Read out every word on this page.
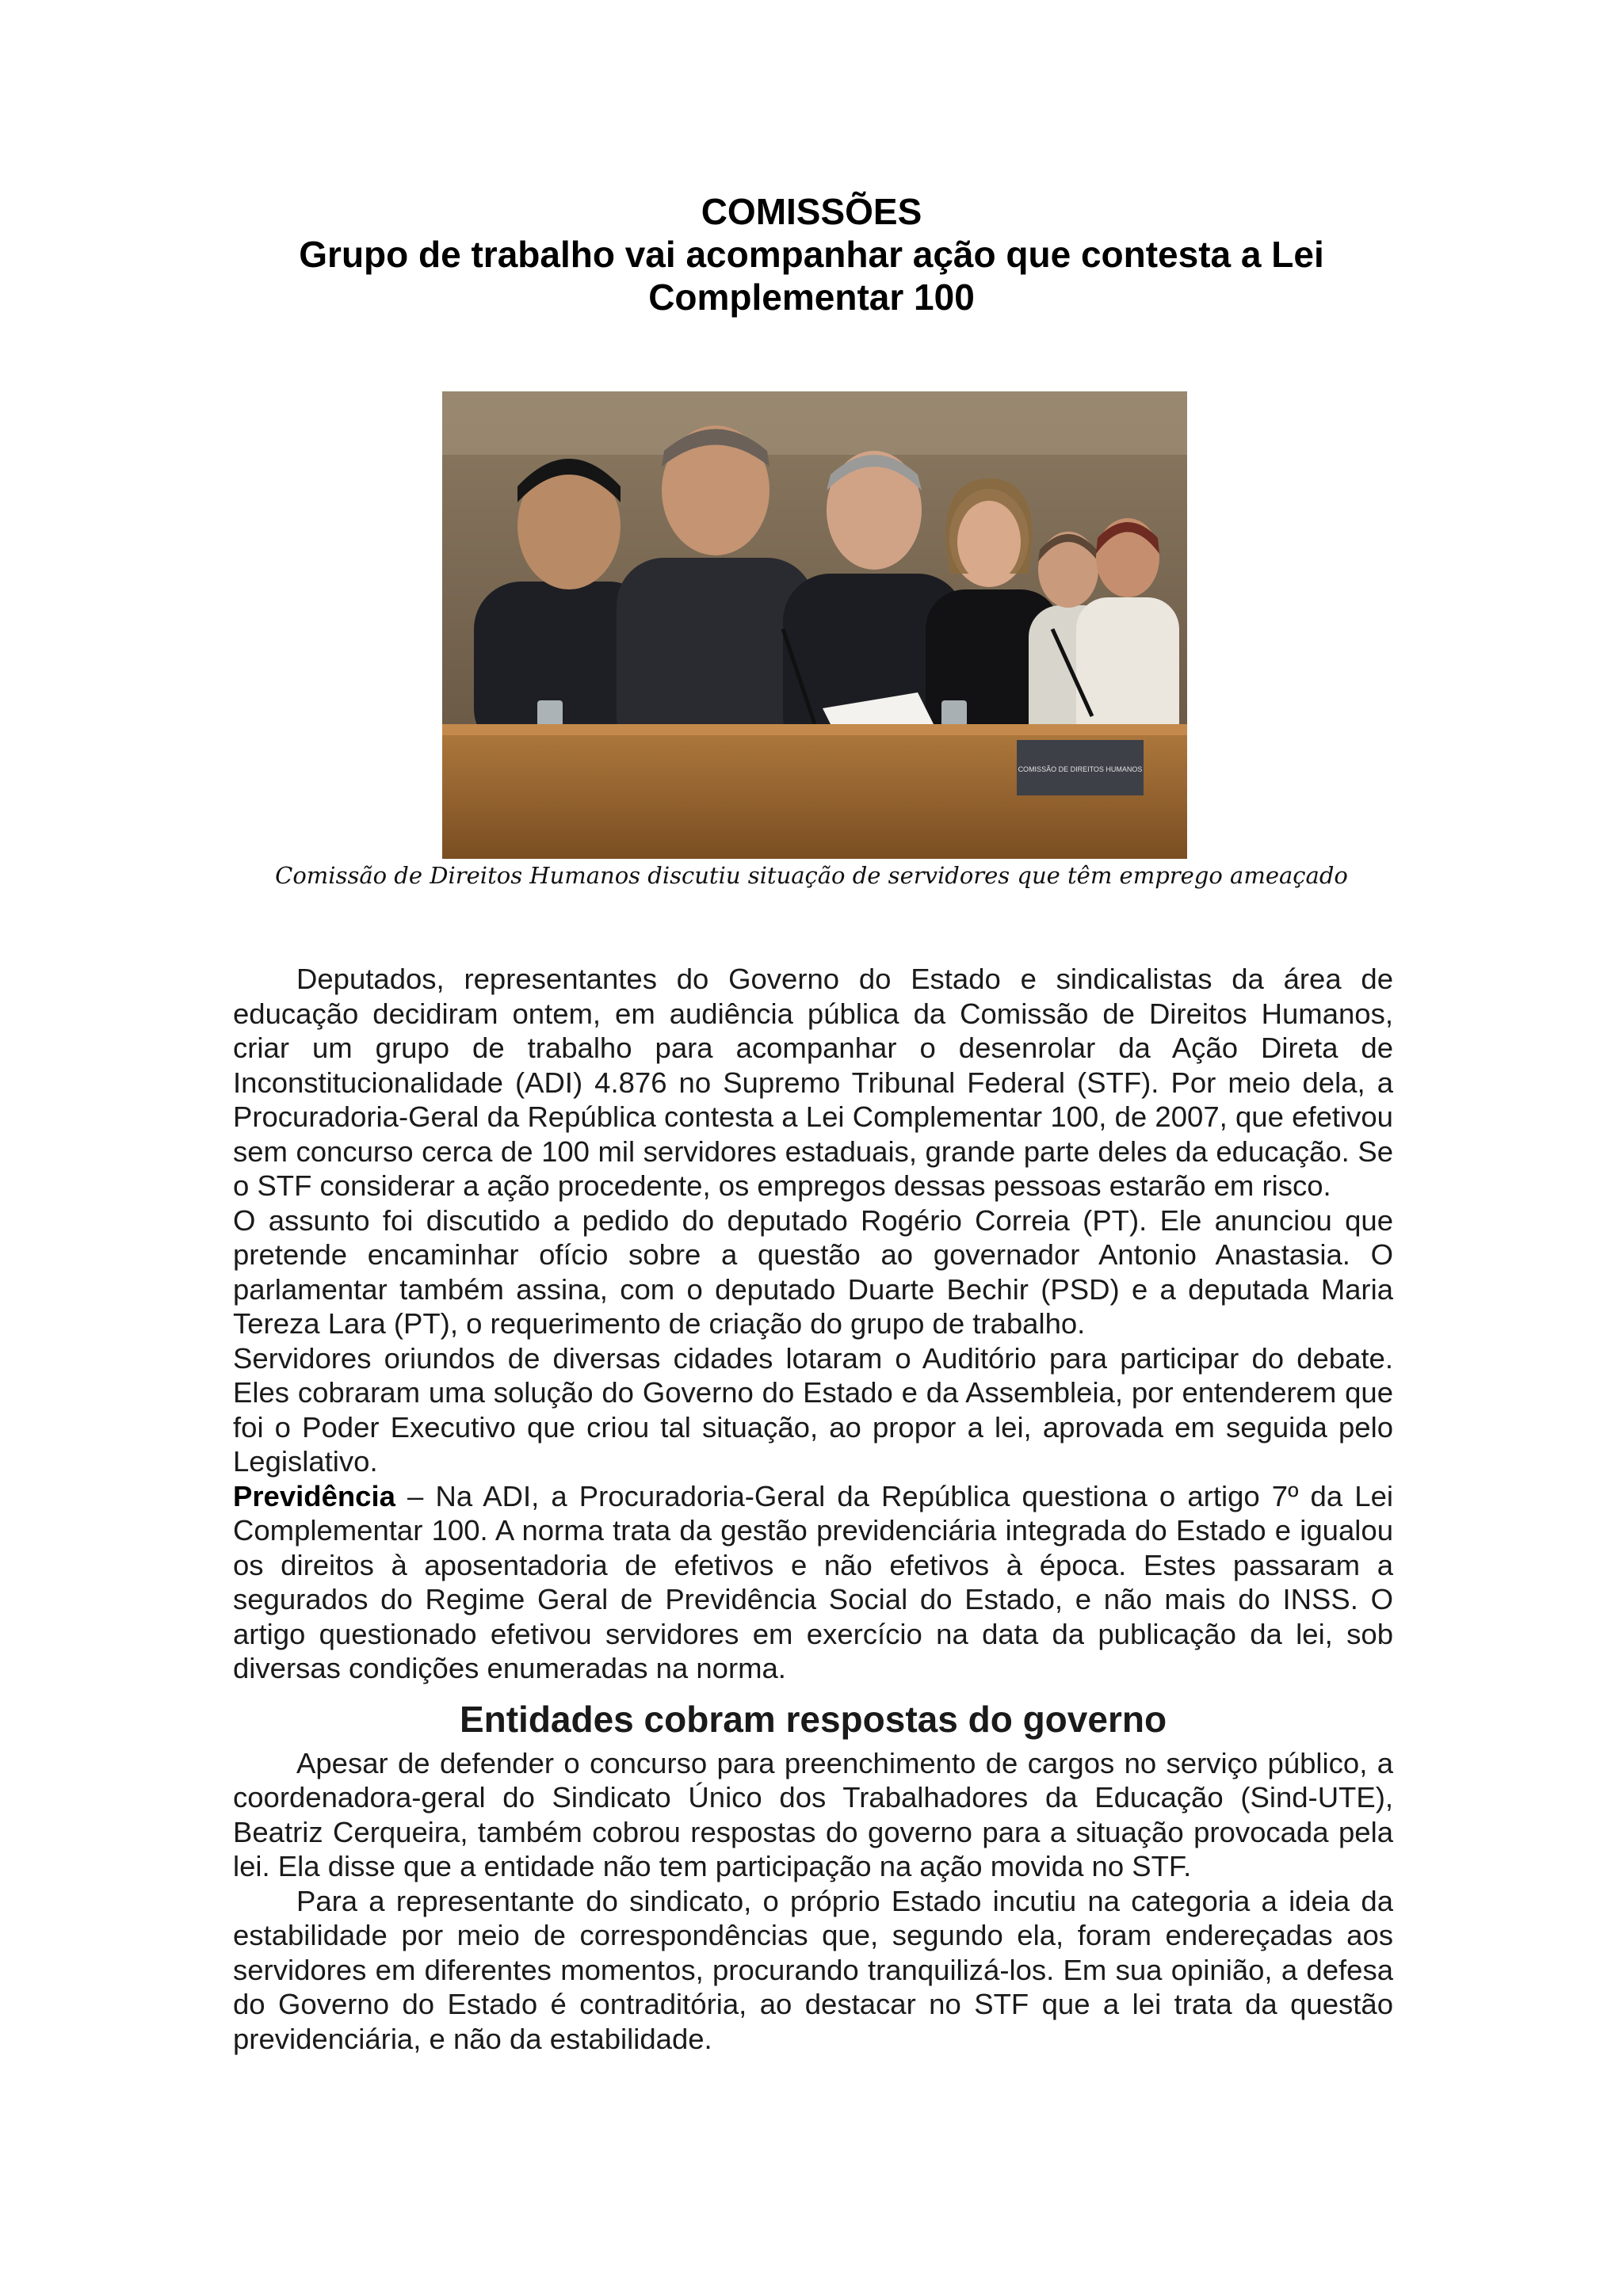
COMISSÕES
Grupo de trabalho vai acompanhar ação que contesta a Lei
Complementar 100
COMISSÃO DE DIREITOS HUMANOS
Comissão de Direitos Humanos discutiu situação de servidores que têm emprego ameaçado

Deputados, representantes do Governo do Estado e sindicalistas da área de educação decidiram ontem, em audiência pública da Comissão de Direitos Humanos, criar um grupo de trabalho para acompanhar o desenrolar da Ação Direta de Inconstitucionalidade (ADI) 4.876 no Supremo Tribunal Federal (STF). Por meio dela, a Procuradoria-Geral da República contesta a Lei Complementar 100, de 2007, que efetivou sem concurso cerca de 100 mil servidores estaduais, grande parte deles da educação. Se o STF considerar a ação procedente, os empregos dessas pessoas estarão em risco.

O assunto foi discutido a pedido do deputado Rogério Correia (PT). Ele anunciou que pretende encaminhar ofício sobre a questão ao governador Antonio Anastasia. O parlamentar também assina, com o deputado Duarte Bechir (PSD) e a deputada Maria Tereza Lara (PT), o requerimento de criação do grupo de trabalho.

Servidores oriundos de diversas cidades lotaram o Auditório para participar do debate. Eles cobraram uma solução do Governo do Estado e da Assembleia, por entenderem que foi o Poder Executivo que criou tal situação, ao propor a lei, aprovada em seguida pelo Legislativo.

Previdência – Na ADI, a Procuradoria-Geral da República questiona o artigo 7º da Lei Complementar 100. A norma trata da gestão previdenciária integrada do Estado e igualou os direitos à aposentadoria de efetivos e não efetivos à época. Estes passaram a segurados do Regime Geral de Previdência Social do Estado, e não mais do INSS. O artigo questionado efetivou servidores em exercício na data da publicação da lei, sob diversas condições enumeradas na norma.

Entidades cobram respostas do governo

Apesar de defender o concurso para preenchimento de cargos no serviço público, a coordenadora-geral do Sindicato Único dos Trabalhadores da Educação (Sind-UTE), Beatriz Cerqueira, também cobrou respostas do governo para a situação provocada pela lei. Ela disse que a entidade não tem participação na ação movida no STF.

Para a representante do sindicato, o próprio Estado incutiu na categoria a ideia da estabilidade por meio de correspondências que, segundo ela, foram endereçadas aos servidores em diferentes momentos, procurando tranquilizá-los. Em sua opinião, a defesa do Governo do Estado é contraditória, ao destacar no STF que a lei trata da questão previdenciária, e não da estabilidade.
